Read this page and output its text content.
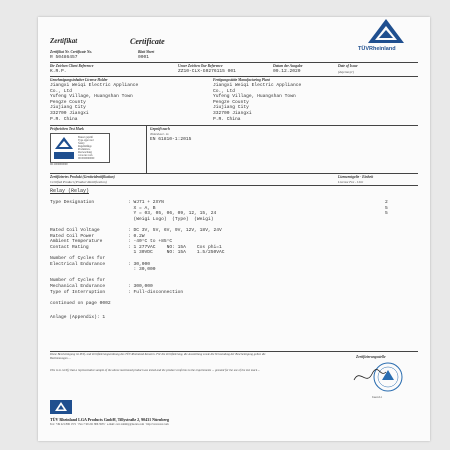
Zertifikat	Certificate
TÜVRheinland
Zertifikat Nr. Certificate No.
R 50486457
Blatt Sheet
0001
Ihr Zeichen Client Reference
K.R.P.
Unser Zeichen Our Reference
ZZ10-CLX-G0276115 001
Datum der Ausgabe
09.12.2020
Date of Issue
(day/mo/yr)
Genehmigungsinhaber License Holder
Jiangxi Weiqi Electric Appliance
Co., Ltd
Yufeng Village, Huangshan Town
Pengze County
Jiujiang City
332700 Jiangxi
P.R. China
Fertigungsstätte Manufacturing Plant
Jiangxi Weiqi Electric Appliance
Co., Ltd
Yufeng Village, Huangshan Town
Pengze County
Jiujiang City
332700 Jiangxi
P.R. China
Prüfzeichen Test Mark
Bauart geprüft
Type approved
Safety
Regelmäßige
Produktion-
überwachung
www.tuv.com
ID 0000000000
ID 2000000000
Geprüft nach
Tested acc. to
EN 61810-1:2015
Zertifiziertes Produkt (Geräteidentifikation)
Certified Product (Product Identification)
Lizenzentgelte - Einheit
License Fee - Unit
Relay (Relay)
Type Designation	: WJ71 + 2XYN	2
X = A, B	5
Y = 03, 05, 06, 09, 12, 15, 24	5
(Weigi Logo)  (Type)  (Weigi)
Rated Coil Voltage	: DC 3V, 5V, 6V, 9V, 12V, 18V, 24V
Rated Coil Power	: 0.2W
Ambient Temperature	: -40°C to +85°C
Contact Rating	: 1 277VAC    NO: 15A    Cos phi=1
1 30VDC     NO: 15A    1.5/250VAC
Number of Cycles for
Electrical Endurance	: 30,000
: 30,000
Number of Cycles for
Mechanical Endurance	: 300,000
Type of Interruption	: Full-disconnection
continued on page 0002
Anlage (Appendix): 1
Diese Bescheinigung ist Prüf- und Zertifizierungsordnung des TÜV Rheinland Konzern. Für die Zertifizierung, die Ausstellung sowie die Verwendung der Bescheinigung gelten die Bestimmungen ...
This is to certify that a representative sample of the above mentioned product was tested and the product conforms to the requirements ... granted for the use of the test mark ...
Zertifizierungsstelle
Jason Li
TÜV Rheinland LGA Products GmbH, Tillystraße 2, 90431 Nürnberg
Tel.: +49 221 806 1371 · Fax: +49 221 806 3935 · e-mail: cert-validity@de.tuv.com · http://www.tuv.com
